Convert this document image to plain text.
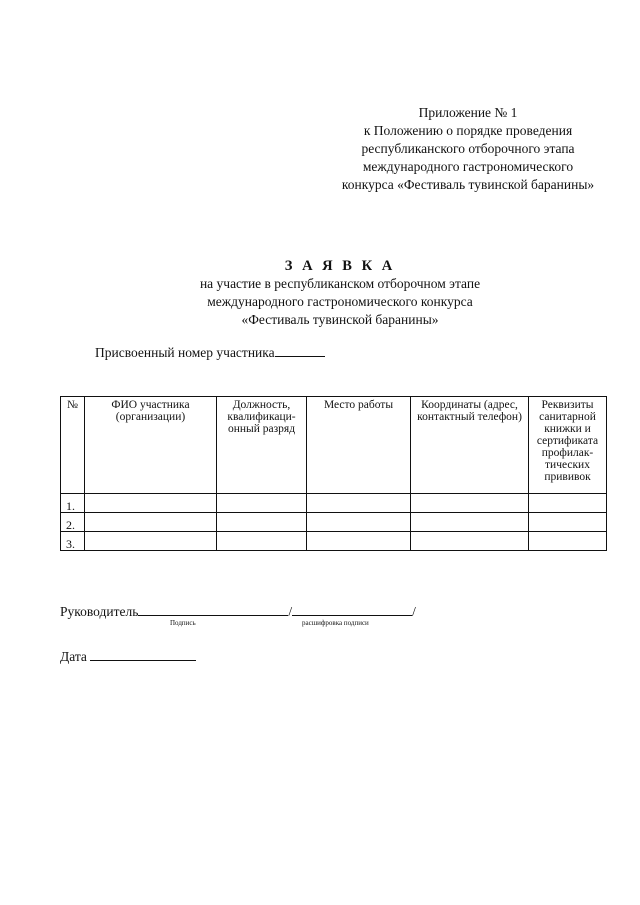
Приложение № 1
к Положению о порядке проведения
республиканского отборочного этапа
международного гастрономического
конкурса «Фестиваль тувинской баранины»
З А Я В К А
на участие в республиканском отборочном этапе
международного гастрономического конкурса
«Фестиваль тувинской баранины»
Присвоенный номер участника
№	ФИО участника (организации)	Должность, квалификаци-онный разряд	Место работы	Координаты (адрес, контактный телефон)	Реквизиты санитарной книжки и сертификата профилак-тических прививок
1.					
2.					
3.					
Руководитель	/	/
Подпись	расшифровка подписи
Дата
